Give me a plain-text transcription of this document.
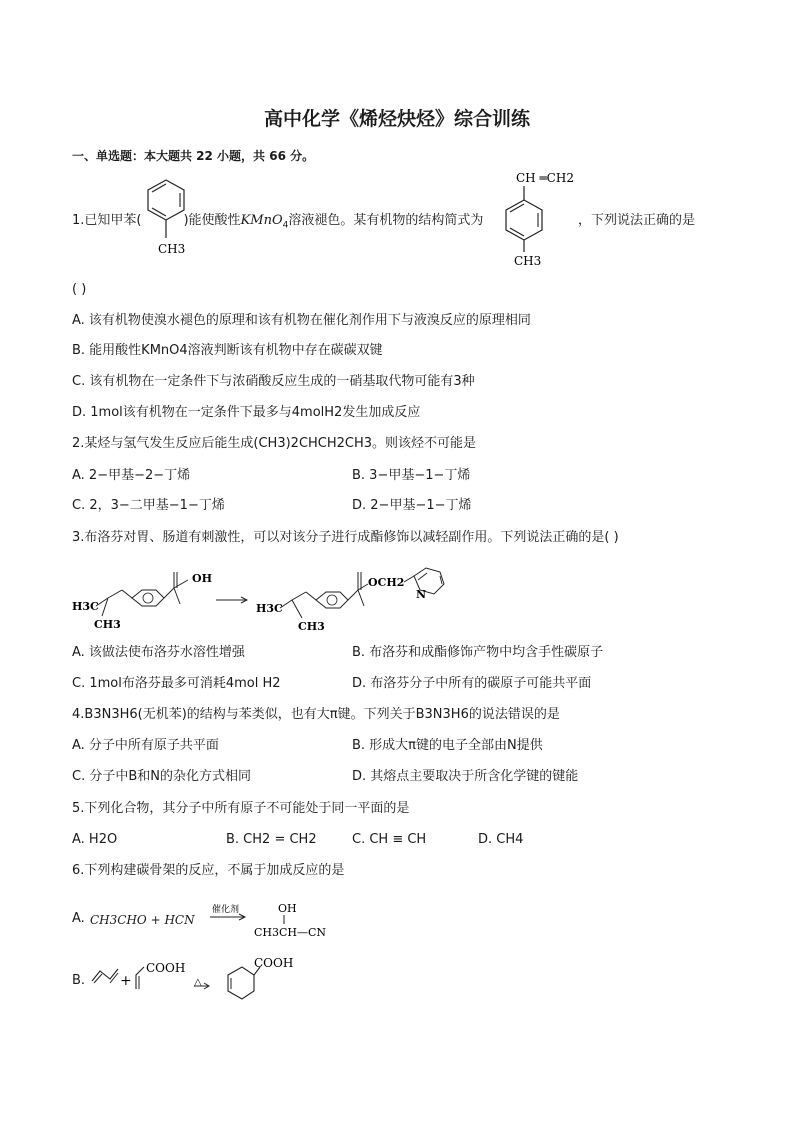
高中化学《烯烃炔烃》综合训练
一、单选题：本大题共 22 小题，共 66 分。
1.已知甲苯(	)能使酸性KMnO$_4$溶液褪色。某有机物的结构简式为	，下列说法正确的是
CH3
CH ═CH2
CH3
( )
A. 该有机物使溴水褪色的原理和该有机物在催化剂作用下与液溴反应的原理相同
B. 能用酸性KMnO4溶液判断该有机物中存在碳碳双键
C. 该有机物在一定条件下与浓硝酸反应生成的一硝基取代物可能有3种
D. 1mol该有机物在一定条件下最多与4molH2发生加成反应
2.某烃与氢气发生反应后能生成(CH3)2CHCH2CH3。则该烃不可能是
A. 2−甲基−2−丁烯	B. 3−甲基−1−丁烯
C. 2，3−二甲基−1−丁烯	D. 2−甲基−1−丁烯
3.布洛芬对胃、肠道有刺激性，可以对该分子进行成酯修饰以减轻副作用。下列说法正确的是( )
H3C
CH3
OH
H3C
CH3
OCH2
N
A. 该做法使布洛芬水溶性增强	B. 布洛芬和成酯修饰产物中均含手性碳原子
C. 1mol布洛芬最多可消耗4mol H2	D. 布洛芬分子中所有的碳原子可能共平面
4.B3N3H6(无机苯)的结构与苯类似，也有大π键。下列关于B3N3H6的说法错误的是
A. 分子中所有原子共平面	B. 形成大π键的电子全部由N提供
C. 分子中B和N的杂化方式相同	D. 其熔点主要取决于所含化学键的键能
5.下列化合物，其分子中所有原子不可能处于同一平面的是
A. H2O	B. CH2 = CH2	C. CH ≡ CH	D. CH4
6.下列构建碳骨架的反应，不属于加成反应的是
A. CH3CHO + HCN
催化剂	OH
CH3CH—CN
B. +
COOH
△
COOH
